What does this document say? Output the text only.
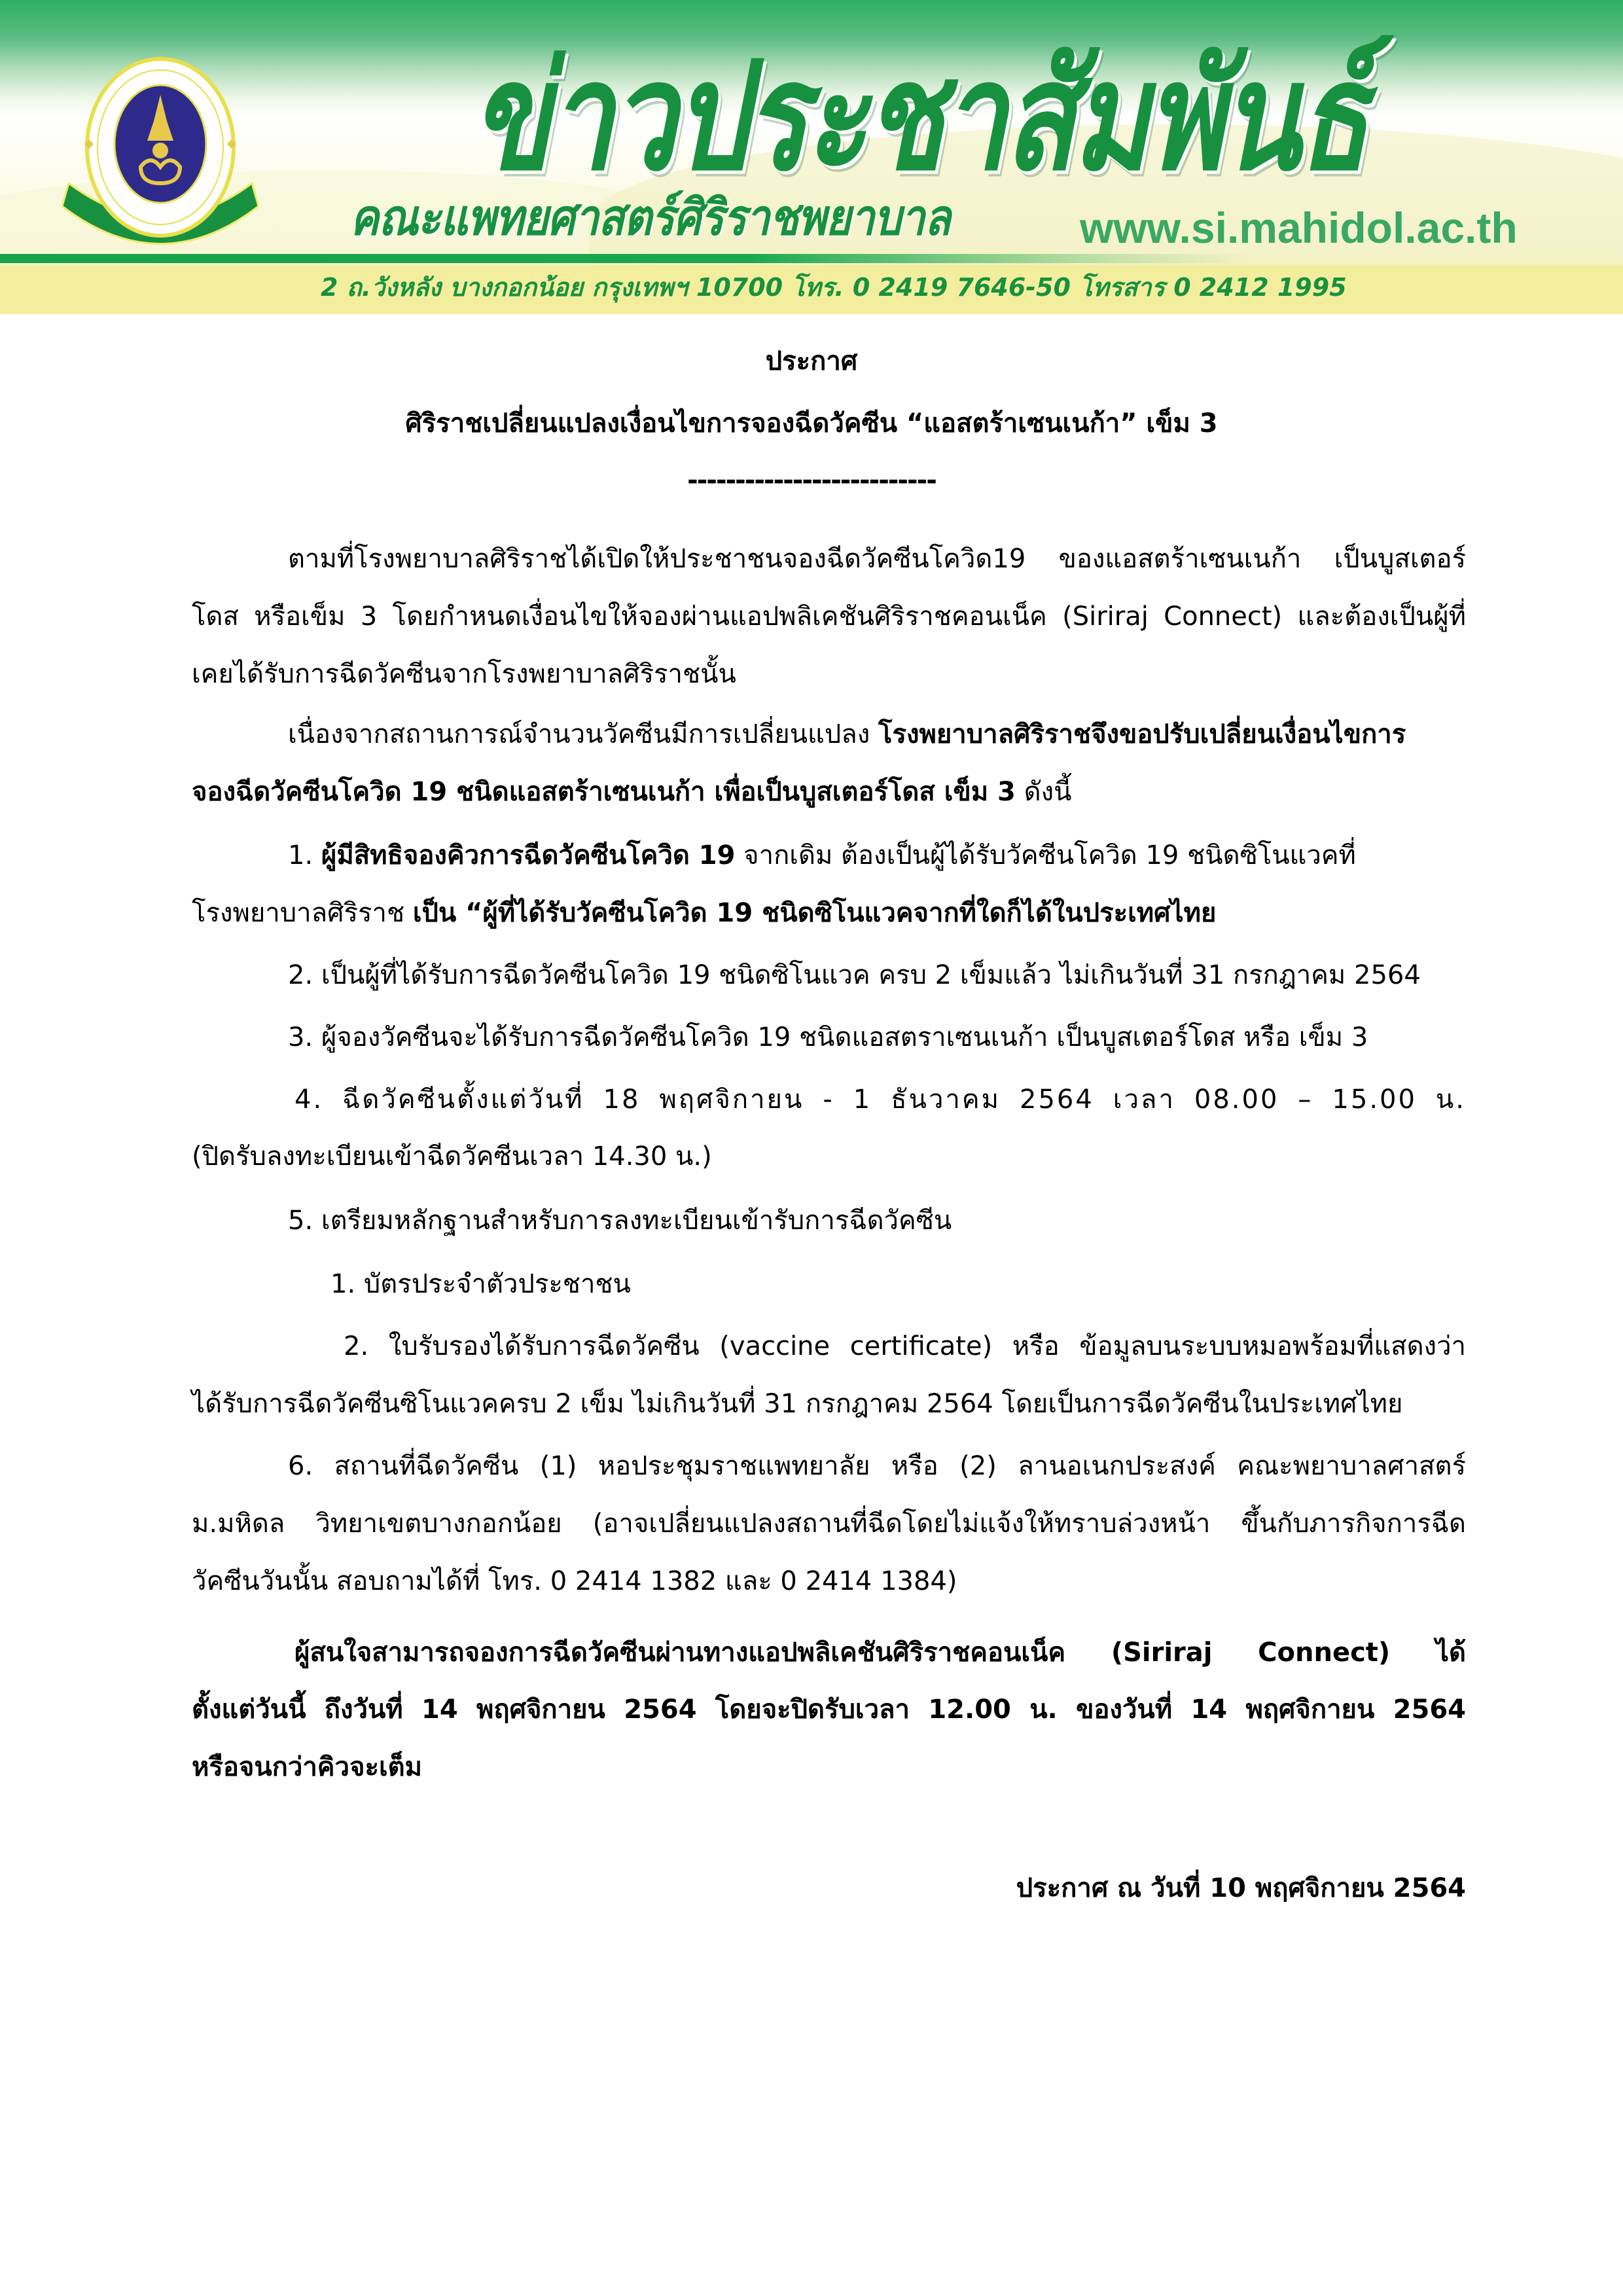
ข่าวประชาสัมพันธ์
คณะแพทยศาสตร์ศิริราชพยาบาล	www.si.mahidol.ac.th
2 ถ.วังหลัง บางกอกน้อย กรุงเทพฯ 10700 โทร. 0 2419 7646-50 โทรสาร 0 2412 1995
ประกาศ
ศิริราชเปลี่ยนแปลงเงื่อนไขการจองฉีดวัคซีน “แอสตร้าเซนเนก้า” เข็ม 3
--------------------------
ตามที่โรงพยาบาลศิริราชได้เปิดให้ประชาชนจองฉีดวัคซีนโควิด19 ของแอสตร้าเซนเนก้า เป็นบูสเตอร์
โดส หรือเข็ม 3 โดยกำหนดเงื่อนไขให้จองผ่านแอปพลิเคชันศิริราชคอนเน็ค (Siriraj Connect) และต้องเป็นผู้ที่
เคยได้รับการฉีดวัคซีนจากโรงพยาบาลศิริราชนั้น
เนื่องจากสถานการณ์จำนวนวัคซีนมีการเปลี่ยนแปลง โรงพยาบาลศิริราชจึงขอปรับเปลี่ยนเงื่อนไขการ
จองฉีดวัคซีนโควิด 19 ชนิดแอสตร้าเซนเนก้า เพื่อเป็นบูสเตอร์โดส เข็ม 3 ดังนี้
1. ผู้มีสิทธิจองคิวการฉีดวัคซีนโควิด 19 จากเดิม ต้องเป็นผู้ได้รับวัคซีนโควิด 19 ชนิดซิโนแวคที่
โรงพยาบาลศิริราช เป็น “ผู้ที่ได้รับวัคซีนโควิด 19 ชนิดซิโนแวคจากที่ใดก็ได้ในประเทศไทย
2. เป็นผู้ที่ได้รับการฉีดวัคซีนโควิด 19 ชนิดซิโนแวค ครบ 2 เข็มแล้ว ไม่เกินวันที่ 31 กรกฎาคม 2564
3. ผู้จองวัคซีนจะได้รับการฉีดวัคซีนโควิด 19 ชนิดแอสตราเซนเนก้า เป็นบูสเตอร์โดส หรือ เข็ม 3
4. ฉีดวัคซีนตั้งแต่วันที่ 18 พฤศจิกายน - 1 ธันวาคม 2564 เวลา 08.00 – 15.00 น.
(ปิดรับลงทะเบียนเข้าฉีดวัคซีนเวลา 14.30 น.)
5. เตรียมหลักฐานสำหรับการลงทะเบียนเข้ารับการฉีดวัคซีน
1. บัตรประจำตัวประชาชน
2. ใบรับรองได้รับการฉีดวัคซีน (vaccine certificate) หรือ ข้อมูลบนระบบหมอพร้อมที่แสดงว่า
ได้รับการฉีดวัคซีนซิโนแวคครบ 2 เข็ม ไม่เกินวันที่ 31 กรกฎาคม 2564 โดยเป็นการฉีดวัคซีนในประเทศไทย
6. สถานที่ฉีดวัคซีน (1) หอประชุมราชแพทยาลัย หรือ (2) ลานอเนกประสงค์ คณะพยาบาลศาสตร์
ม.มหิดล วิทยาเขตบางกอกน้อย (อาจเปลี่ยนแปลงสถานที่ฉีดโดยไม่แจ้งให้ทราบล่วงหน้า ขึ้นกับภารกิจการฉีด
วัคซีนวันนั้น สอบถามได้ที่ โทร. 0 2414 1382 และ 0 2414 1384)
ผู้สนใจสามารถจองการฉีดวัคซีนผ่านทางแอปพลิเคชันศิริราชคอนเน็ค (Siriraj Connect) ได้
ตั้งแต่วันนี้ ถึงวันที่ 14 พฤศจิกายน 2564 โดยจะปิดรับเวลา 12.00 น. ของวันที่ 14 พฤศจิกายน 2564
หรือจนกว่าคิวจะเต็ม
ประกาศ ณ วันที่ 10 พฤศจิกายน 2564
